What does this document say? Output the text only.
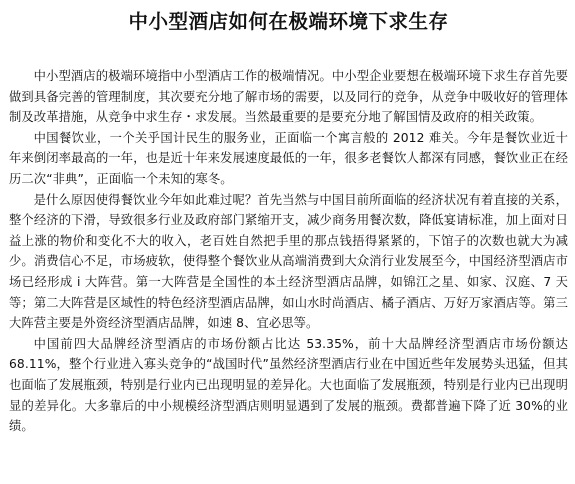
中小型酒店如何在极端环境下求生存

中小型酒店的极端环境指中小型酒店工作的极端情况。中小型企业要想在极端环境下求生存首先要做到具备完善的管理制度，其次要充分地了解市场的需要，以及同行的竞争，从竞争中吸收好的管理体制及改革措施，从竞争中求生存・求发展。当然最重要的是要充分地了解国情及政府的相关政策。

中国餐饮业，一个关乎国计民生的服务业，正面临一个寓言般的 2012 难关。今年是餐饮业近十年来倒闭率最高的一年，也是近十年来发展速度最低的一年，很多老餐饮人都深有同感，餐饮业正在经历二次“非典”，正面临一个未知的寒冬。

是什么原因使得餐饮业今年如此难过呢？首先当然与中国目前所面临的经济状况有着直接的关系，整个经济的下滑，导致很多行业及政府部门紧缩开支，减少商务用餐次数，降低宴请标准，加上面对日益上涨的物价和变化不大的收入，老百姓自然把手里的那点钱捂得紧紧的，下馆子的次数也就大为减少。消费信心不足，市场疲软，使得整个餐饮业从高端消费到大众消行业发展至今，中国经济型酒店市场已经形成 i 大阵营。第一大阵营是全国性的本土经济型酒店品牌，如锦江之星、如家、汉庭、7 天等；第二大阵营是区域性的特色经济型酒店品牌，如山水时尚酒店、橘子酒店、万好万家酒店等。第三大阵营主要是外资经济型酒店品牌，如速 8、宜必思等。

中国前四大品牌经济型酒店的市场份额占比达 53.35%，前十大品牌经济型酒店市场份额达 68.11%，整个行业进入寡头竞争的“战国时代”虽然经济型酒店行业在中国近些年发展势头迅猛，但其也面临了发展瓶颈，特别是行业内已出现明显的差异化。大也面临了发展瓶颈，特别是行业内已出现明显的差异化。大多靠后的中小规模经济型酒店则明显遇到了发展的瓶颈。费都普遍下降了近 30%的业绩。
